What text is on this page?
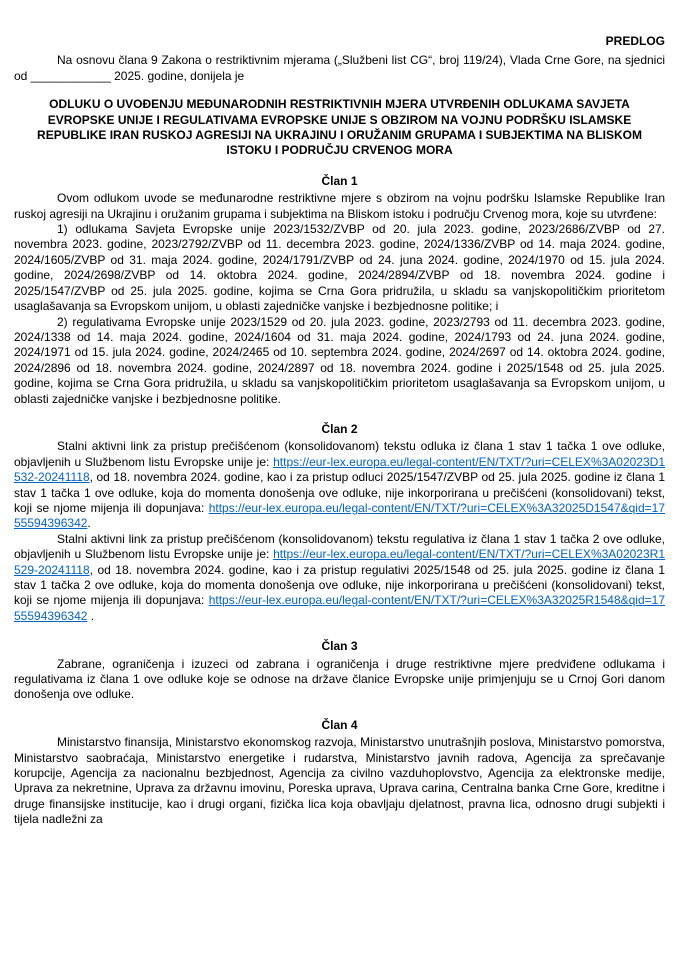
PREDLOG

Na osnovu člana 9 Zakona o restriktivnim mjerama („Službeni list CG“, broj 119/24), Vlada Crne Gore, na sjednici od ____________ 2025. godine, donijela je

ODLUKU O UVOĐENJU MEĐUNARODNIH RESTRIKTIVNIH MJERA UTVRĐENIH ODLUKAMA SAVJETA EVROPSKE UNIJE I REGULATIVAMA EVROPSKE UNIJE S OBZIROM NA VOJNU PODRŠKU ISLAMSKE REPUBLIKE IRAN RUSKOJ AGRESIJI NA UKRAJINU I ORUŽANIM GRUPAMA I SUBJEKTIMA NA BLISKOM ISTOKU I PODRUČJU CRVENOG MORA
Član 1

Ovom odlukom uvode se međunarodne restriktivne mjere s obzirom na vojnu podršku Islamske Republike Iran ruskoj agresiji na Ukrajinu i oružanim grupama i subjektima na Bliskom istoku i području Crvenog mora, koje su utvrđene:

1) odlukama Savjeta Evropske unije 2023/1532/ZVBP od 20. jula 2023. godine, 2023/2686/ZVBP od 27. novembra 2023. godine, 2023/2792/ZVBP od 11. decembra 2023. godine, 2024/1336/ZVBP od 14. maja 2024. godine, 2024/1605/ZVBP od 31. maja 2024. godine, 2024/1791/ZVBP od 24. juna 2024. godine, 2024/1970 od 15. jula 2024. godine, 2024/2698/ZVBP od 14. oktobra 2024. godine, 2024/2894/ZVBP od 18. novembra 2024. godine i 2025/1547/ZVBP od 25. jula 2025. godine, kojima se Crna Gora pridružila, u skladu sa vanjskopolitičkim prioritetom usaglašavanja sa Evropskom unijom, u oblasti zajedničke vanjske i bezbjednosne politike; i

2) regulativama Evropske unije 2023/1529 od 20. jula 2023. godine, 2023/2793 od 11. decembra 2023. godine, 2024/1338 od 14. maja 2024. godine, 2024/1604 od 31. maja 2024. godine, 2024/1793 od 24. juna 2024. godine, 2024/1971 od 15. jula 2024. godine, 2024/2465 od 10. septembra 2024. godine, 2024/2697 od 14. oktobra 2024. godine, 2024/2896 od 18. novembra 2024. godine, 2024/2897 od 18. novembra 2024. godine i 2025/1548 od 25. jula 2025. godine, kojima se Crna Gora pridružila, u skladu sa vanjskopolitičkim prioritetom usaglašavanja sa Evropskom unijom, u oblasti zajedničke vanjske i bezbjednosne politike.

Član 2

Stalni aktivni link za pristup prečišćenom (konsolidovanom) tekstu odluka iz člana 1 stav 1 tačka 1 ove odluke, objavljenih u Službenom listu Evropske unije je: https://eur-lex.europa.eu/legal-content/EN/TXT/?uri=CELEX%3A02023D1532-20241118, od 18. novembra 2024. godine, kao i za pristup odluci 2025/1547/ZVBP od 25. jula 2025. godine iz člana 1 stav 1 tačka 1 ove odluke, koja do momenta donošenja ove odluke, nije inkorporirana u prečišćeni (konsolidovani) tekst, koji se njome mijenja ili dopunjava: https://eur-lex.europa.eu/legal-content/EN/TXT/?uri=CELEX%3A32025D1547&qid=1755594396342.

Stalni aktivni link za pristup prečišćenom (konsolidovanom) tekstu regulativa iz člana 1 stav 1 tačka 2 ove odluke, objavljenih u Službenom listu Evropske unije je: https://eur-lex.europa.eu/legal-content/EN/TXT/?uri=CELEX%3A02023R1529-20241118, od 18. novembra 2024. godine, kao i za pristup regulativi 2025/1548 od 25. jula 2025. godine iz člana 1 stav 1 tačka 2 ove odluke, koja do momenta donošenja ove odluke, nije inkorporirana u prečišćeni (konsolidovani) tekst, koji se njome mijenja ili dopunjava: https://eur-lex.europa.eu/legal-content/EN/TXT/?uri=CELEX%3A32025R1548&qid=1755594396342 .

Član 3

Zabrane, ograničenja i izuzeci od zabrana i ograničenja i druge restriktivne mjere predviđene odlukama i regulativama iz člana 1 ove odluke koje se odnose na države članice Evropske unije primjenjuju se u Crnoj Gori danom donošenja ove odluke.

Član 4

Ministarstvo finansija, Ministarstvo ekonomskog razvoja, Ministarstvo unutrašnjih poslova, Ministarstvo pomorstva, Ministarstvo saobraćaja, Ministarstvo energetike i rudarstva, Ministarstvo javnih radova, Agencija za sprečavanje korupcije, Agencija za nacionalnu bezbjednost, Agencija za civilno vazduhoplovstvo, Agencija za elektronske medije, Uprava za nekretnine, Uprava za državnu imovinu, Poreska uprava, Uprava carina, Centralna banka Crne Gore, kreditne i druge finansijske institucije, kao i drugi organi, fizička lica koja obavljaju djelatnost, pravna lica, odnosno drugi subjekti i tijela nadležni za
